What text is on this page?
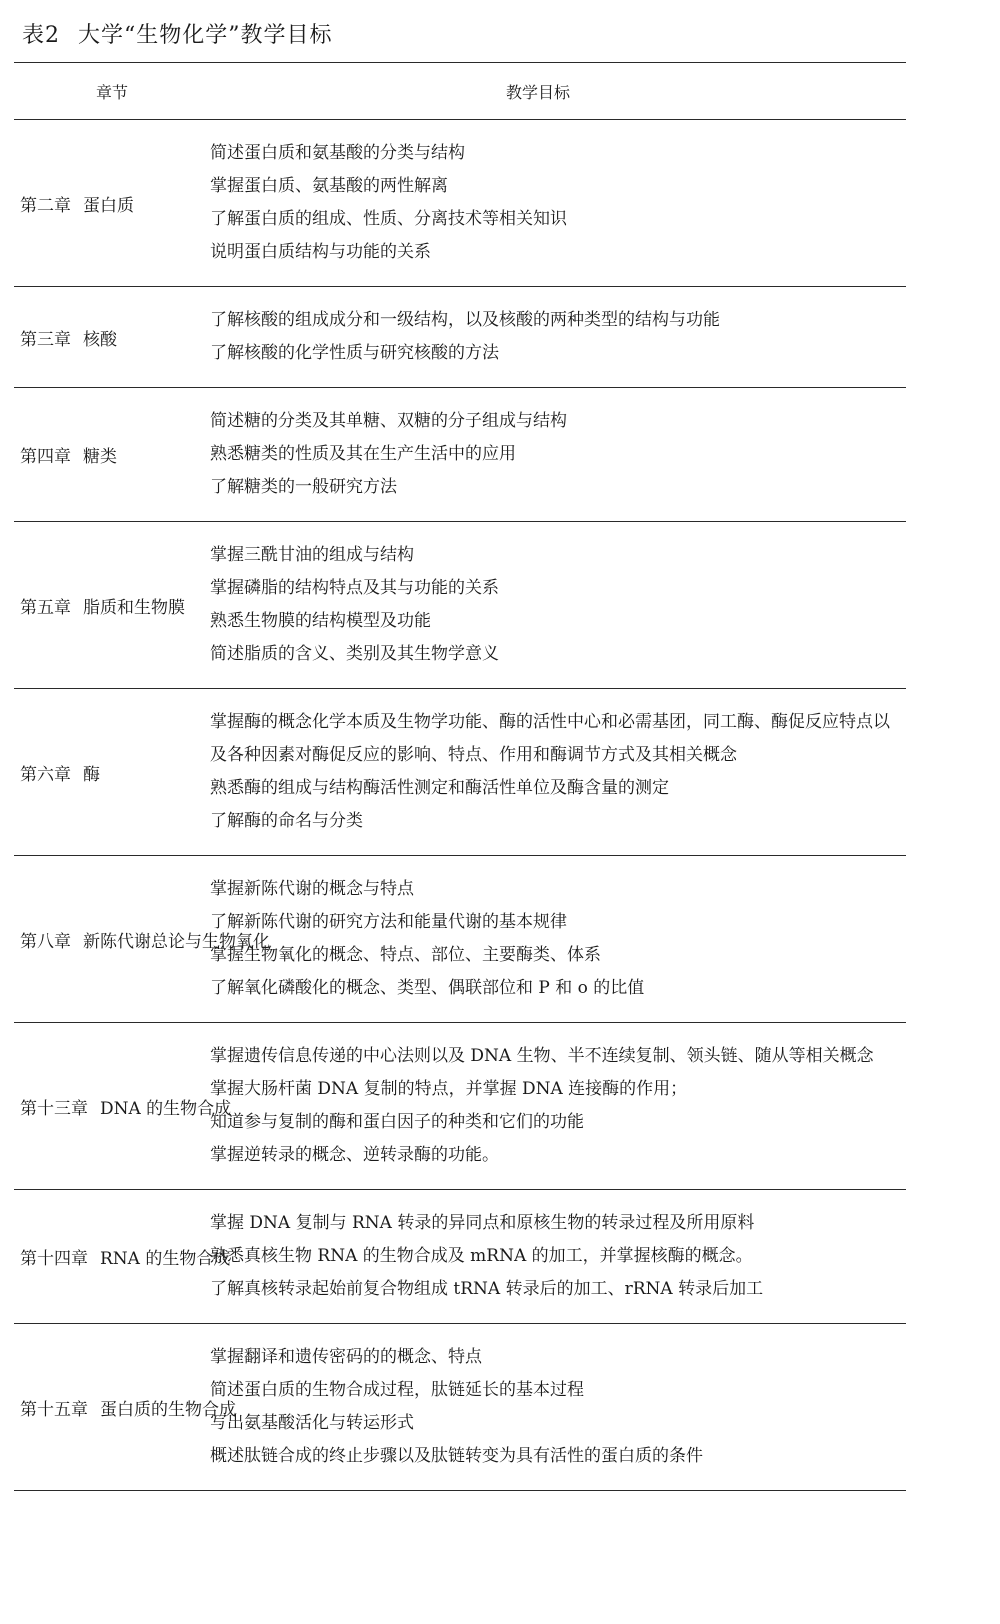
表2 大学“生物化学”教学目标
章节	教学目标
第二章 蛋白质
简述蛋白质和氨基酸的分类与结构
掌握蛋白质、氨基酸的两性解离
了解蛋白质的组成、性质、分离技术等相关知识
说明蛋白质结构与功能的关系
第三章 核酸
了解核酸的组成成分和一级结构，以及核酸的两种类型的结构与功能
了解核酸的化学性质与研究核酸的方法
第四章 糖类
简述糖的分类及其单糖、双糖的分子组成与结构
熟悉糖类的性质及其在生产生活中的应用
了解糖类的一般研究方法
第五章 脂质和生物膜
掌握三酰甘油的组成与结构
掌握磷脂的结构特点及其与功能的关系
熟悉生物膜的结构模型及功能
简述脂质的含义、类别及其生物学意义
第六章 酶
掌握酶的概念化学本质及生物学功能、酶的活性中心和必需基团，同工酶、酶促反应特点以及各种因素对酶促反应的影响、特点、作用和酶调节方式及其相关概念
熟悉酶的组成与结构酶活性测定和酶活性单位及酶含量的测定
了解酶的命名与分类
第八章 新陈代谢总论与生物氧化
掌握新陈代谢的概念与特点
了解新陈代谢的研究方法和能量代谢的基本规律
掌握生物氧化的概念、特点、部位、主要酶类、体系
了解氧化磷酸化的概念、类型、偶联部位和 P 和 o 的比值
第十三章 DNA 的生物合成
掌握遗传信息传递的中心法则以及 DNA 生物、半不连续复制、领头链、随从等相关概念
掌握大肠杆菌 DNA 复制的特点，并掌握 DNA 连接酶的作用；
知道参与复制的酶和蛋白因子的种类和它们的功能
掌握逆转录的概念、逆转录酶的功能。
第十四章 RNA 的生物合成
掌握 DNA 复制与 RNA 转录的异同点和原核生物的转录过程及所用原料
熟悉真核生物 RNA 的生物合成及 mRNA 的加工，并掌握核酶的概念。
了解真核转录起始前复合物组成 tRNA 转录后的加工、rRNA 转录后加工
第十五章 蛋白质的生物合成
掌握翻译和遗传密码的的概念、特点
简述蛋白质的生物合成过程，肽链延长的基本过程
写出氨基酸活化与转运形式
概述肽链合成的终止步骤以及肽链转变为具有活性的蛋白质的条件
